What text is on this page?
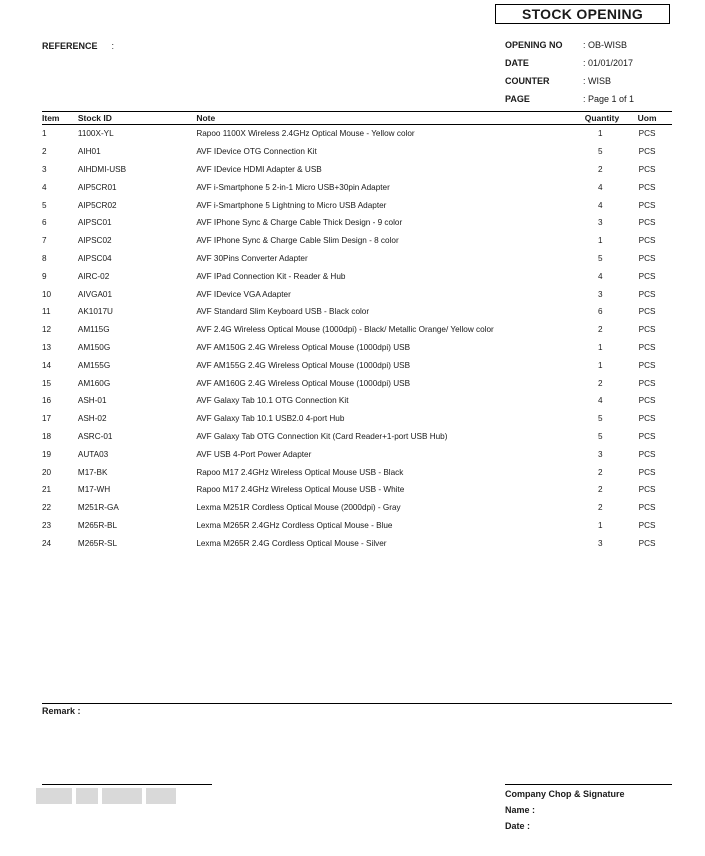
STOCK OPENING
REFERENCE :	OPENING NO	: OB-WISB
DATE	: 01/01/2017
COUNTER	: WISB
PAGE	: Page 1 of 1
Item	Stock ID	Note	Quantity	Uom
1	1100X-YL	Rapoo 1100X Wireless 2.4GHz Optical Mouse - Yellow color	1	PCS
2	AIH01	AVF IDevice OTG Connection Kit	5	PCS
3	AIHDMI-USB	AVF IDevice HDMI Adapter & USB	2	PCS
4	AIP5CR01	AVF i-Smartphone 5 2-in-1 Micro USB+30pin Adapter	4	PCS
5	AIP5CR02	AVF i-Smartphone 5 Lightning to Micro USB Adapter	4	PCS
6	AIPSC01	AVF IPhone Sync & Charge Cable Thick Design - 9 color	3	PCS
7	AIPSC02	AVF IPhone Sync & Charge Cable Slim Design - 8 color	1	PCS
8	AIPSC04	AVF 30Pins Converter Adapter	5	PCS
9	AIRC-02	AVF IPad Connection Kit - Reader & Hub	4	PCS
10	AIVGA01	AVF IDevice VGA Adapter	3	PCS
11	AK1017U	AVF Standard Slim Keyboard USB - Black color	6	PCS
12	AM115G	AVF 2.4G Wireless Optical Mouse (1000dpi) - Black/ Metallic Orange/ Yellow color	2	PCS
13	AM150G	AVF AM150G 2.4G Wireless Optical Mouse (1000dpi) USB	1	PCS
14	AM155G	AVF AM155G 2.4G Wireless Optical Mouse (1000dpi) USB	1	PCS
15	AM160G	AVF AM160G 2.4G Wireless Optical Mouse (1000dpi) USB	2	PCS
16	ASH-01	AVF Galaxy Tab 10.1 OTG Connection Kit	4	PCS
17	ASH-02	AVF Galaxy Tab 10.1 USB2.0 4-port Hub	5	PCS
18	ASRC-01	AVF Galaxy Tab OTG Connection Kit (Card Reader+1-port USB Hub)	5	PCS
19	AUTA03	AVF USB 4-Port Power Adapter	3	PCS
20	M17-BK	Rapoo M17 2.4GHz Wireless Optical Mouse USB - Black	2	PCS
21	M17-WH	Rapoo M17 2.4GHz Wireless Optical Mouse USB - White	2	PCS
22	M251R-GA	Lexma M251R Cordless Optical Mouse (2000dpi) - Gray	2	PCS
23	M265R-BL	Lexma M265R 2.4GHz Cordless Optical Mouse - Blue	1	PCS
24	M265R-SL	Lexma M265R 2.4G Cordless Optical Mouse - Silver	3	PCS
Remark :
Company Chop & Signature
Name :
Date :
